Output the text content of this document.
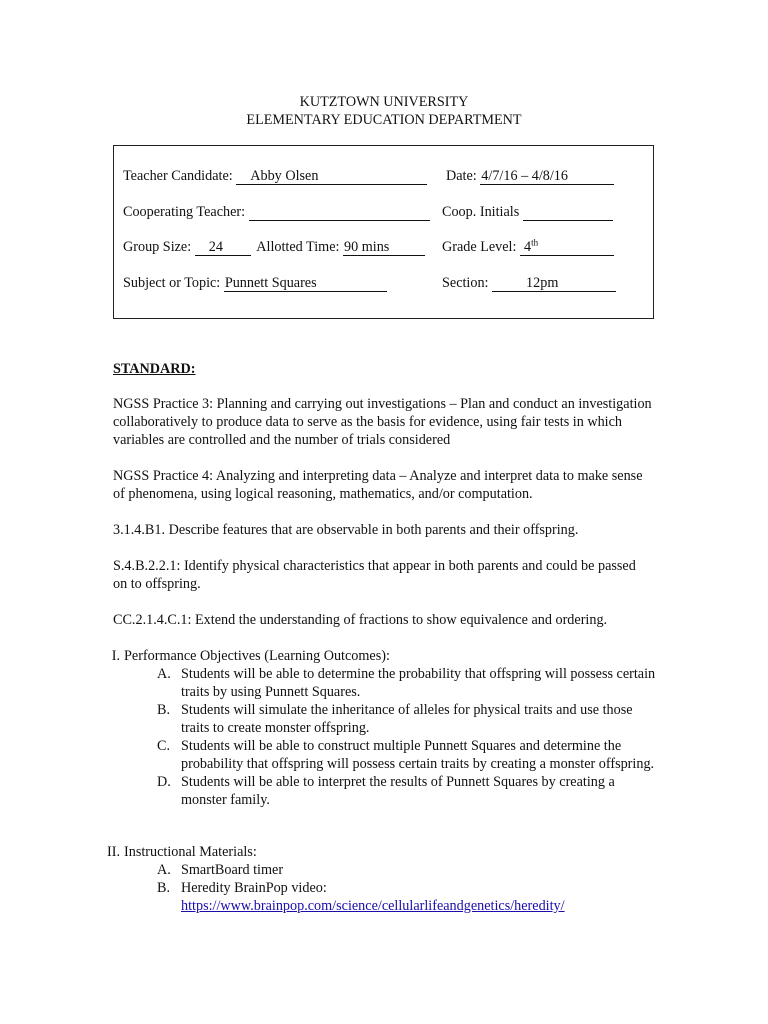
KUTZTOWN UNIVERSITY
ELEMENTARY EDUCATION DEPARTMENT
Teacher Candidate: Abby Olsen	Date: 4/7/16 – 4/8/16
Cooperating Teacher:	Coop. Initials
Group Size: 24 Allotted Time: 90 mins	Grade Level: 4th
Subject or Topic: Punnett Squares	Section:	12pm
STANDARD:
NGSS Practice 3: Planning and carrying out investigations – Plan and conduct an investigation collaboratively to produce data to serve as the basis for evidence, using fair tests in which variables are controlled and the number of trials considered
NGSS Practice 4: Analyzing and interpreting data – Analyze and interpret data to make sense of phenomena, using logical reasoning, mathematics, and/or computation.
3.1.4.B1. Describe features that are observable in both parents and their offspring.
S.4.B.2.2.1: Identify physical characteristics that appear in both parents and could be passed on to offspring.
CC.2.1.4.C.1: Extend the understanding of fractions to show equivalence and ordering.
I. Performance Objectives (Learning Outcomes):
A. Students will be able to determine the probability that offspring will possess certain traits by using Punnett Squares.
B. Students will simulate the inheritance of alleles for physical traits and use those traits to create monster offspring.
C. Students will be able to construct multiple Punnett Squares and determine the probability that offspring will possess certain traits by creating a monster offspring.
D. Students will be able to interpret the results of Punnett Squares by creating a monster family.
II. Instructional Materials:
A. SmartBoard timer
B. Heredity BrainPop video:
https://www.brainpop.com/science/cellularlifeandgenetics/heredity/
